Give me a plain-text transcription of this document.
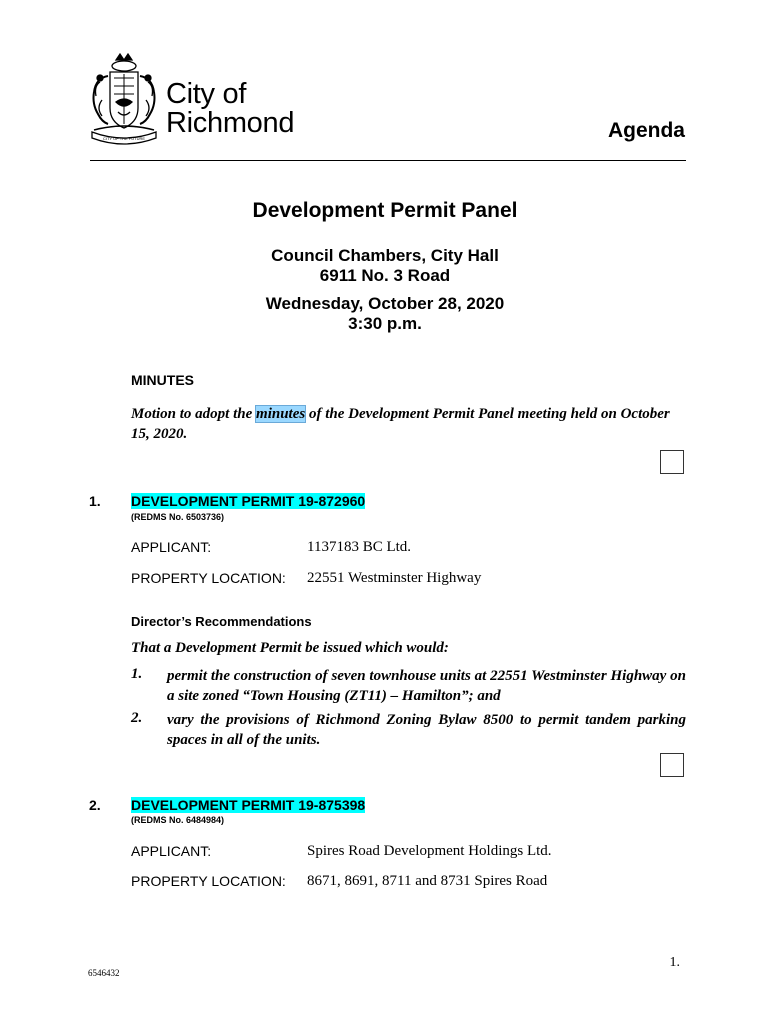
CITY OF THE FUTURE
City of
Richmond	Agenda
Development Permit Panel
Council Chambers, City Hall
6911 No. 3 Road
Wednesday, October 28, 2020
3:30 p.m.
MINUTES
Motion to adopt the minutes of the Development Permit Panel meeting held on October 15, 2020.
1. DEVELOPMENT PERMIT 19-872960
(REDMS No. 6503736)
APPLICANT:	1137183 BC Ltd.
PROPERTY LOCATION: 22551 Westminster Highway
Director’s Recommendations
That a Development Permit be issued which would:
1. permit the construction of seven townhouse units at 22551 Westminster Highway on a site zoned “Town Housing (ZT11) – Hamilton”; and
2. vary the provisions of Richmond Zoning Bylaw 8500 to permit tandem parking spaces in all of the units.
2. DEVELOPMENT PERMIT 19-875398
(REDMS No. 6484984)
APPLICANT:	Spires Road Development Holdings Ltd.
PROPERTY LOCATION: 8671, 8691, 8711 and 8731 Spires Road
1.
6546432
